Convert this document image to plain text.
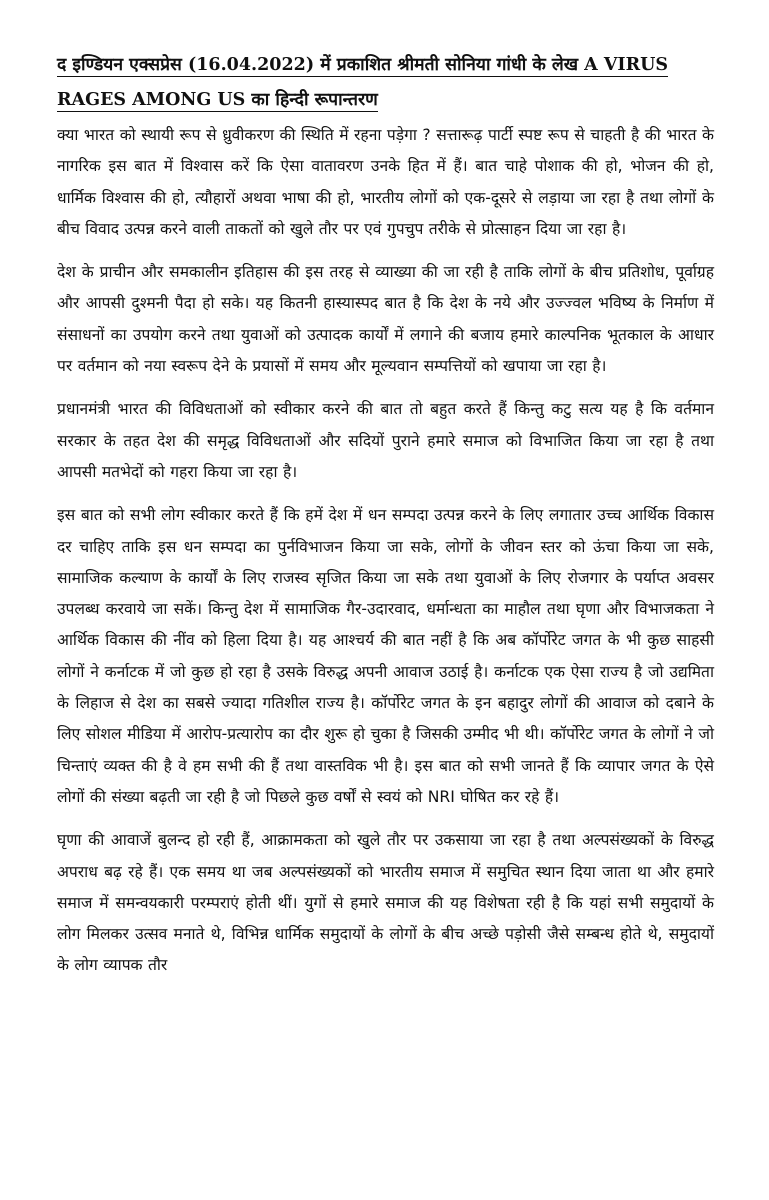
द इण्डियन एक्सप्रेस (16.04.2022) में प्रकाशित श्रीमती सोनिया गांधी के लेख A VIRUS
RAGES AMONG US का हिन्दी रूपान्तरण

क्या भारत को स्थायी रूप से ध्रुवीकरण की स्थिति में रहना पड़ेगा ? सत्तारूढ़ पार्टी स्पष्ट रूप से चाहती है की भारत के नागरिक इस बात में विश्वास करें कि ऐसा वातावरण उनके हित में हैं। बात चाहे पोशाक की हो, भोजन की हो, धार्मिक विश्वास की हो, त्यौहारों अथवा भाषा की हो, भारतीय लोगों को एक-दूसरे से लड़ाया जा रहा है तथा लोगों के बीच विवाद उत्पन्न करने वाली ताकतों को खुले तौर पर एवं गुपचुप तरीके से प्रोत्साहन दिया जा रहा है।

देश के प्राचीन और समकालीन इतिहास की इस तरह से व्याख्या की जा रही है ताकि लोगों के बीच प्रतिशोध, पूर्वाग्रह और आपसी दुश्मनी पैदा हो सके। यह कितनी हास्यास्पद बात है कि देश के नये और उज्ज्वल भविष्य के निर्माण में संसाधनों का उपयोग करने तथा युवाओं को उत्पादक कार्यों में लगाने की बजाय हमारे काल्पनिक भूतकाल के आधार पर वर्तमान को नया स्वरूप देने के प्रयासों में समय और मूल्यवान सम्पत्तियों को खपाया जा रहा है।

प्रधानमंत्री भारत की विविधताओं को स्वीकार करने की बात तो बहुत करते हैं किन्तु कटु सत्य यह है कि वर्तमान सरकार के तहत देश की समृद्ध विविधताओं और सदियों पुराने हमारे समाज को विभाजित किया जा रहा है तथा आपसी मतभेदों को गहरा किया जा रहा है।

इस बात को सभी लोग स्वीकार करते हैं कि हमें देश में धन सम्पदा उत्पन्न करने के लिए लगातार उच्च आर्थिक विकास दर चाहिए ताकि इस धन सम्पदा का पुर्नविभाजन किया जा सके, लोगों के जीवन स्तर को ऊंचा किया जा सके, सामाजिक कल्याण के कार्यों के लिए राजस्व सृजित किया जा सके तथा युवाओं के लिए रोजगार के पर्याप्त अवसर उपलब्ध करवाये जा सकें। किन्तु देश में सामाजिक गैर-उदारवाद, धर्मान्धता का माहौल तथा घृणा और विभाजकता ने आर्थिक विकास की नींव को हिला दिया है। यह आश्चर्य की बात नहीं है कि अब कॉर्पोरेट जगत के भी कुछ साहसी लोगों ने कर्नाटक में जो कुछ हो रहा है उसके विरुद्ध अपनी आवाज उठाई है। कर्नाटक एक ऐसा राज्य है जो उद्यमिता के लिहाज से देश का सबसे ज्यादा गतिशील राज्य है। कॉर्पोरेट जगत के इन बहादुर लोगों की आवाज को दबाने के लिए सोशल मीडिया में आरोप-प्रत्यारोप का दौर शुरू हो चुका है जिसकी उम्मीद भी थी। कॉर्पोरेट जगत के लोगों ने जो चिन्ताएं व्यक्त की है वे हम सभी की हैं तथा वास्तविक भी है। इस बात को सभी जानते हैं कि व्यापार जगत के ऐसे लोगों की संख्या बढ़ती जा रही है जो पिछले कुछ वर्षों से स्वयं को NRI घोषित कर रहे हैं।

घृणा की आवाजें बुलन्द हो रही हैं, आक्रामकता को खुले तौर पर उकसाया जा रहा है तथा अल्पसंख्यकों के विरुद्ध अपराध बढ़ रहे हैं। एक समय था जब अल्पसंख्यकों को भारतीय समाज में समुचित स्थान दिया जाता था और हमारे समाज में समन्वयकारी परम्पराएं होती थीं। युगों से हमारे समाज की यह विशेषता रही है कि यहां सभी समुदायों के लोग मिलकर उत्सव मनाते थे, विभिन्न धार्मिक समुदायों के लोगों के बीच अच्छे पड़ोसी जैसे सम्बन्ध होते थे, समुदायों के लोग व्यापक तौर
